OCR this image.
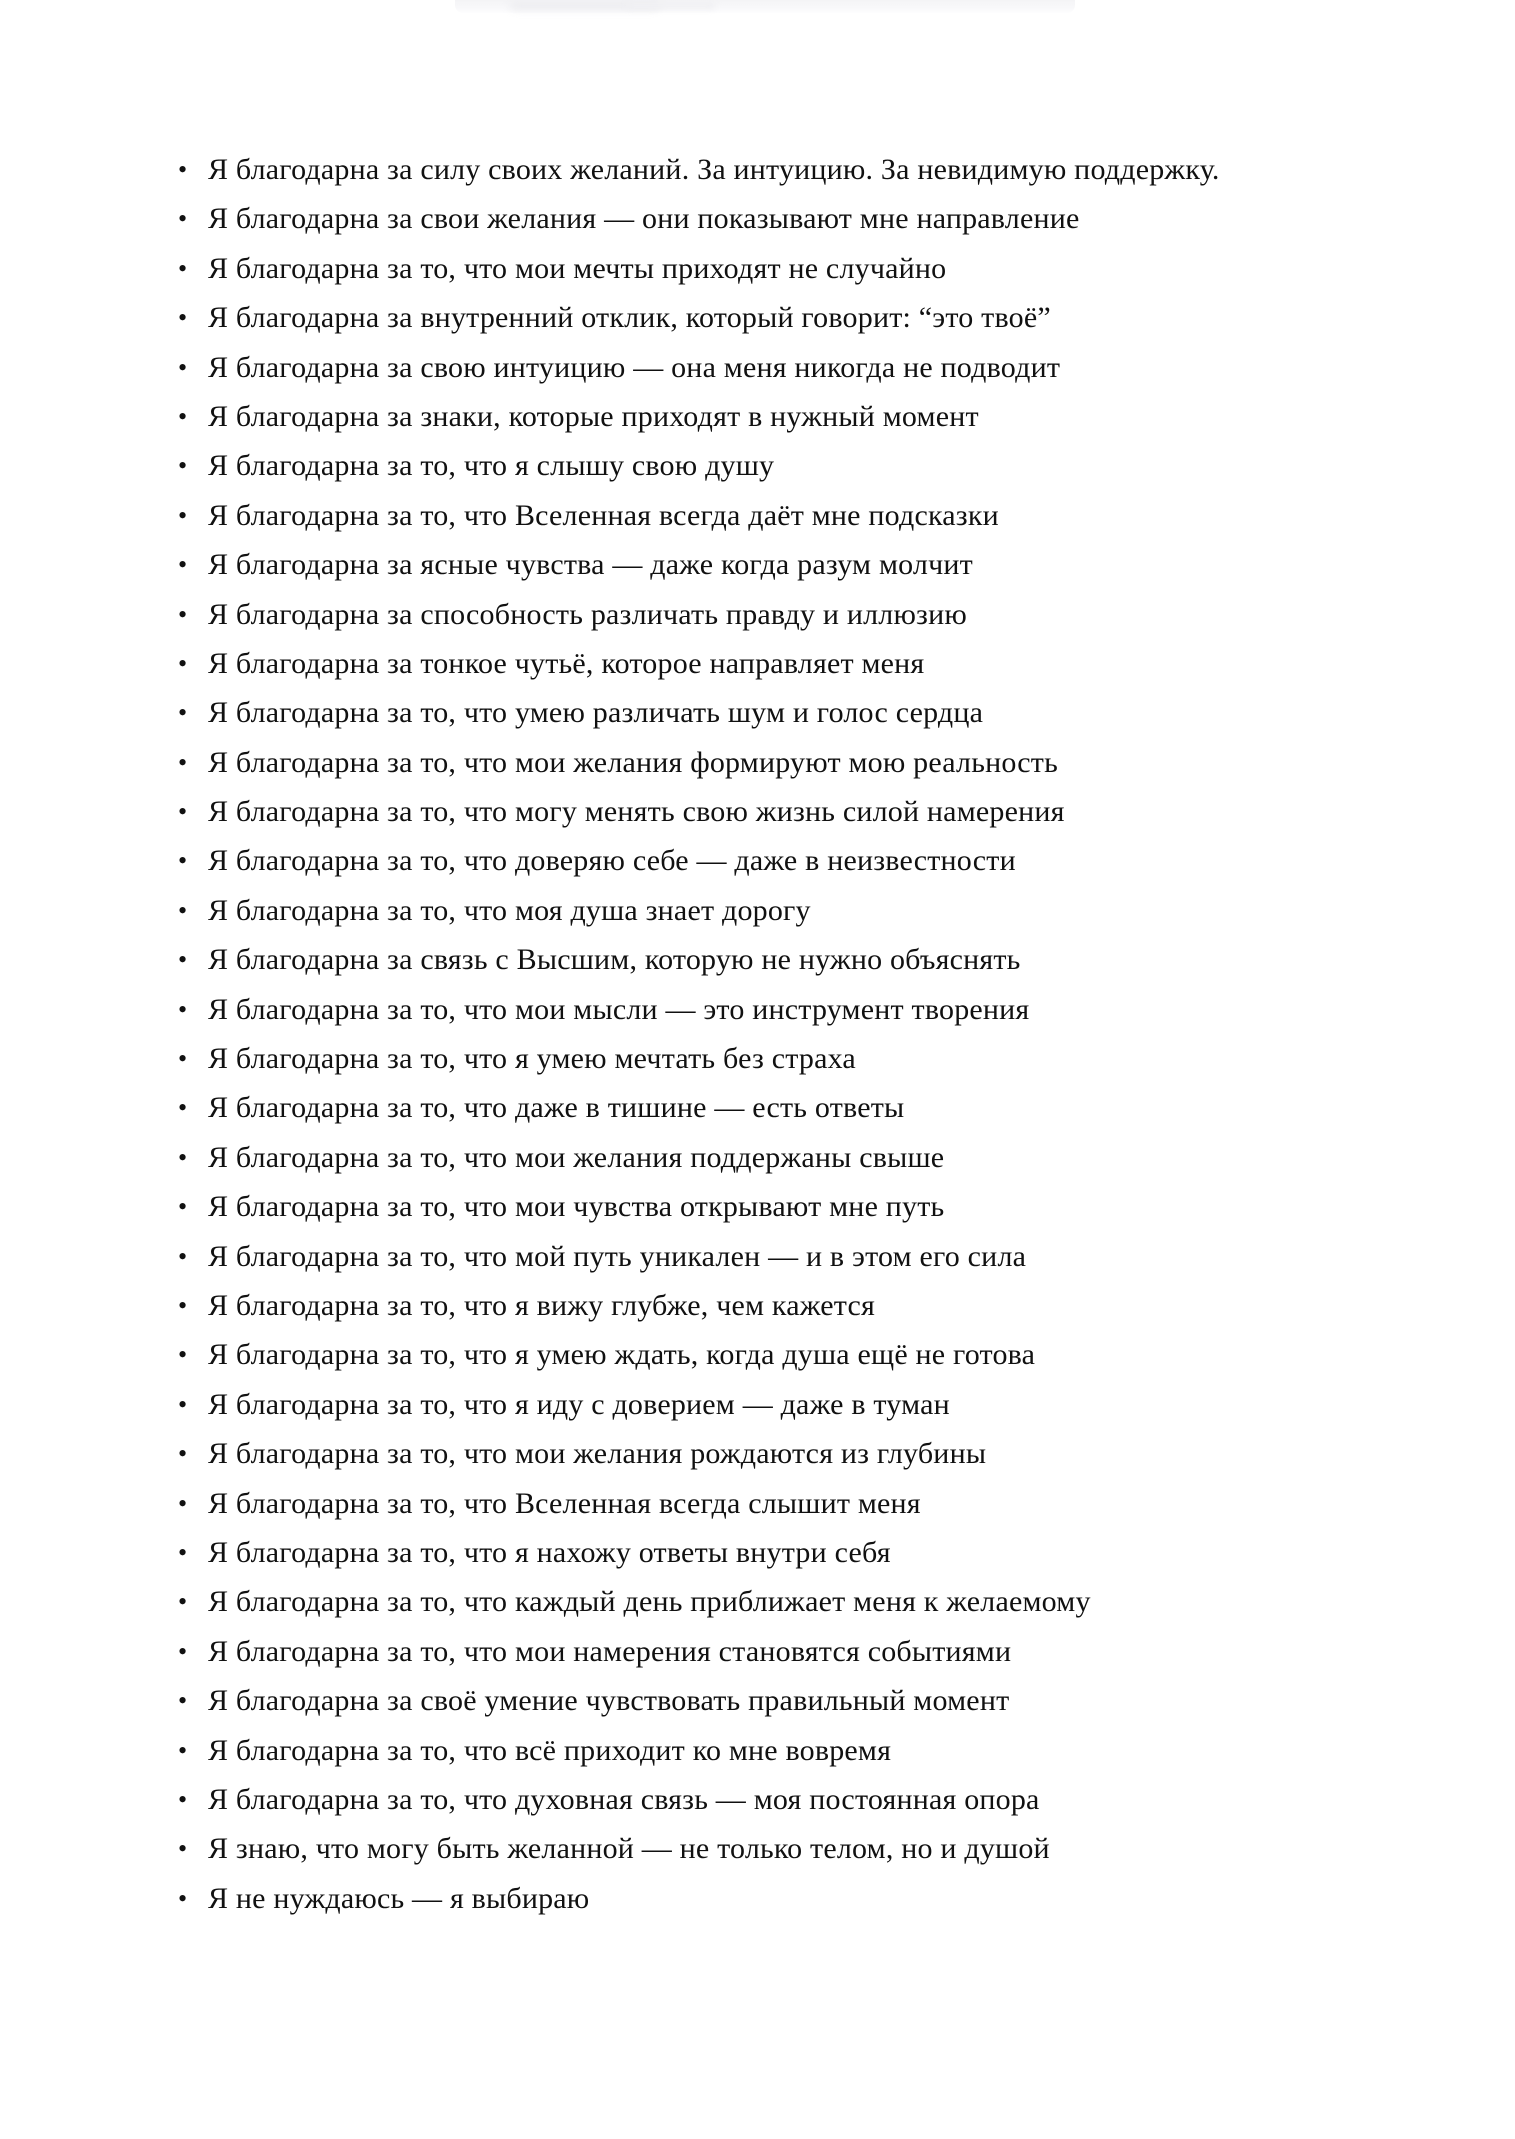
• Я благодарна за силу своих желаний. За интуицию. За невидимую поддержку.
• Я благодарна за свои желания — они показывают мне направление
• Я благодарна за то, что мои мечты приходят не случайно
• Я благодарна за внутренний отклик, который говорит: “это твоё”
• Я благодарна за свою интуицию — она меня никогда не подводит
• Я благодарна за знаки, которые приходят в нужный момент
• Я благодарна за то, что я слышу свою душу
• Я благодарна за то, что Вселенная всегда даёт мне подсказки
• Я благодарна за ясные чувства — даже когда разум молчит
• Я благодарна за способность различать правду и иллюзию
• Я благодарна за тонкое чутьё, которое направляет меня
• Я благодарна за то, что умею различать шум и голос сердца
• Я благодарна за то, что мои желания формируют мою реальность
• Я благодарна за то, что могу менять свою жизнь силой намерения
• Я благодарна за то, что доверяю себе — даже в неизвестности
• Я благодарна за то, что моя душа знает дорогу
• Я благодарна за связь с Высшим, которую не нужно объяснять
• Я благодарна за то, что мои мысли — это инструмент творения
• Я благодарна за то, что я умею мечтать без страха
• Я благодарна за то, что даже в тишине — есть ответы
• Я благодарна за то, что мои желания поддержаны свыше
• Я благодарна за то, что мои чувства открывают мне путь
• Я благодарна за то, что мой путь уникален — и в этом его сила
• Я благодарна за то, что я вижу глубже, чем кажется
• Я благодарна за то, что я умею ждать, когда душа ещё не готова
• Я благодарна за то, что я иду с доверием — даже в туман
• Я благодарна за то, что мои желания рождаются из глубины
• Я благодарна за то, что Вселенная всегда слышит меня
• Я благодарна за то, что я нахожу ответы внутри себя
• Я благодарна за то, что каждый день приближает меня к желаемому
• Я благодарна за то, что мои намерения становятся событиями
• Я благодарна за своё умение чувствовать правильный момент
• Я благодарна за то, что всё приходит ко мне вовремя
• Я благодарна за то, что духовная связь — моя постоянная опора
• Я знаю, что могу быть желанной — не только телом, но и душой
• Я не нуждаюсь — я выбираю
